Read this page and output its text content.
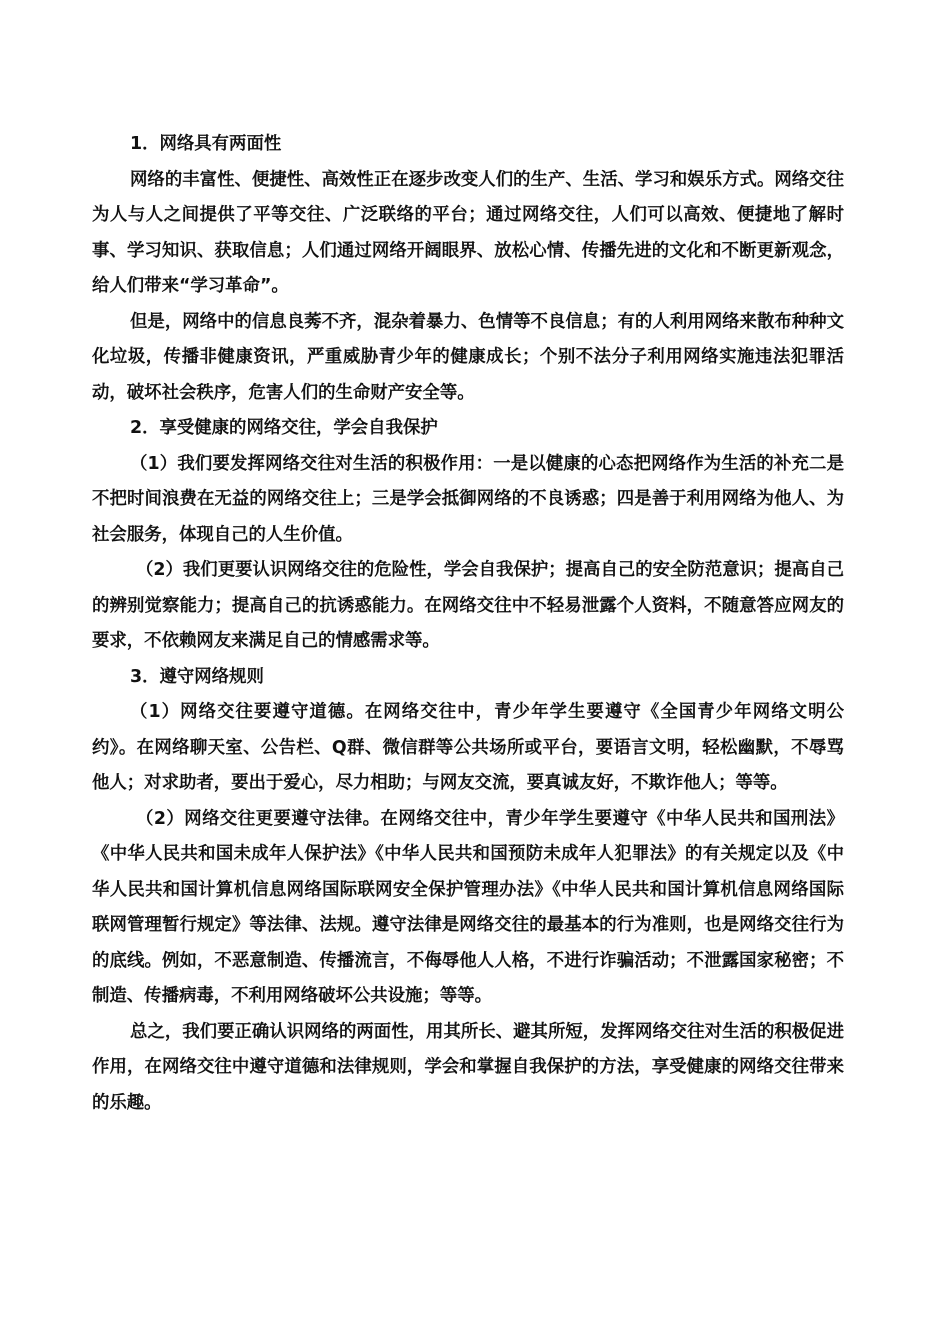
1．网络具有两面性

网络的丰富性、便捷性、高效性正在逐步改变人们的生产、生活、学习和娱乐方式。网络交往为人与人之间提供了平等交往、广泛联络的平台；通过网络交往，人们可以高效、便捷地了解时事、学习知识、获取信息；人们通过网络开阔眼界、放松心情、传播先进的文化和不断更新观念，给人们带来“学习革命”。

但是，网络中的信息良莠不齐，混杂着暴力、色情等不良信息；有的人利用网络来散布种种文化垃圾，传播非健康资讯，严重威胁青少年的健康成长；个别不法分子利用网络实施违法犯罪活动，破坏社会秩序，危害人们的生命财产安全等。

2．享受健康的网络交往，学会自我保护

（1）我们要发挥网络交往对生活的积极作用：一是以健康的心态把网络作为生活的补充二是不把时间浪费在无益的网络交往上；三是学会抵御网络的不良诱惑；四是善于利用网络为他人、为社会服务，体现自己的人生价值。

（2）我们更要认识网络交往的危险性，学会自我保护；提高自己的安全防范意识；提高自己的辨别觉察能力；提高自己的抗诱惑能力。在网络交往中不轻易泄露个人资料，不随意答应网友的要求，不依赖网友来满足自己的情感需求等。

3．遵守网络规则

（1）网络交往要遵守道德。在网络交往中，青少年学生要遵守《全国青少年网络文明公约》。在网络聊天室、公告栏、Q群、微信群等公共场所或平台，要语言文明，轻松幽默，不辱骂他人；对求助者，要出于爱心，尽力相助；与网友交流，要真诚友好，不欺诈他人；等等。

（2）网络交往更要遵守法律。在网络交往中，青少年学生要遵守《中华人民共和国刑法》《中华人民共和国未成年人保护法》《中华人民共和国预防未成年人犯罪法》的有关规定以及《中华人民共和国计算机信息网络国际联网安全保护管理办法》《中华人民共和国计算机信息网络国际联网管理暂行规定》等法律、法规。遵守法律是网络交往的最基本的行为准则，也是网络交往行为的底线。例如，不恶意制造、传播流言，不侮辱他人人格，不进行诈骗活动；不泄露国家秘密；不制造、传播病毒，不利用网络破坏公共设施；等等。

总之，我们要正确认识网络的两面性，用其所长、避其所短，发挥网络交往对生活的积极促进作用，在网络交往中遵守道德和法律规则，学会和掌握自我保护的方法，享受健康的网络交往带来的乐趣。
